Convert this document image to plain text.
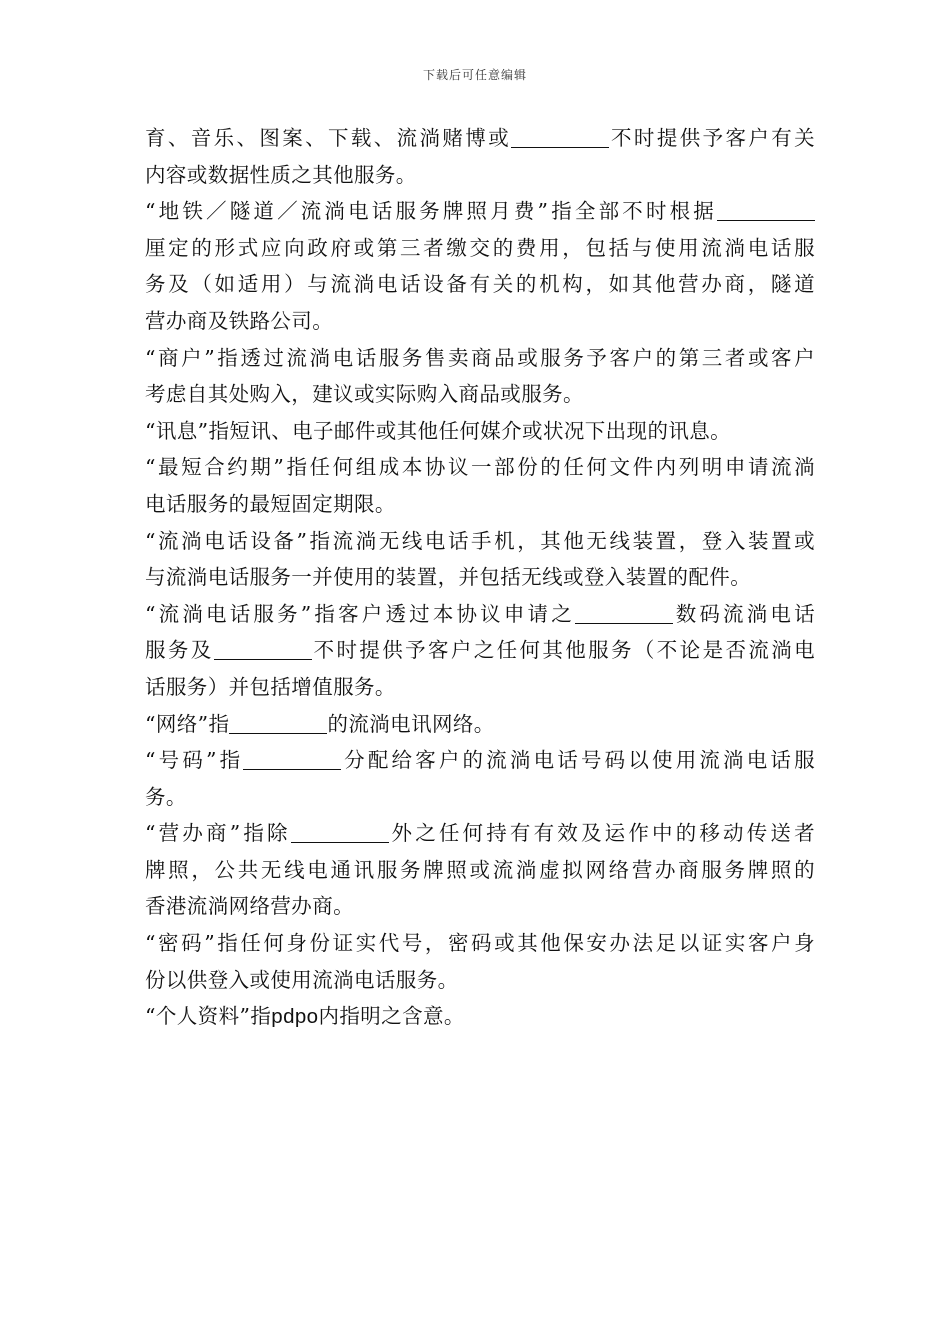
下载后可任意编辑
育、音乐、图案、下载、流淌赌博或	不时提供予客户有关
内容或数据性质之其他服务。
“地铁／隧道／流淌电话服务牌照月费”指全部不时根据
厘定的形式应向政府或第三者缴交的费用，包括与使用流淌电话服
务及（如适用）与流淌电话设备有关的机构，如其他营办商，隧道
营办商及铁路公司。
“商户”指透过流淌电话服务售卖商品或服务予客户的第三者或客户
考虑自其处购入，建议或实际购入商品或服务。
“讯息”指短讯、电子邮件或其他任何媒介或状况下出现的讯息。
“最短合约期”指任何组成本协议一部份的任何文件内列明申请流淌
电话服务的最短固定期限。
“流淌电话设备”指流淌无线电话手机，其他无线装置，登入装置或
与流淌电话服务一并使用的装置，并包括无线或登入装置的配件。
“流淌电话服务”指客户透过本协议申请之	数码流淌电话
服务及	不时提供予客户之任何其他服务（不论是否流淌电
话服务）并包括增值服务。
“网络”指	的流淌电讯网络。
“号码”指	分配给客户的流淌电话号码以使用流淌电话服
务。
“营办商”指除	外之任何持有有效及运作中的移动传送者
牌照，公共无线电通讯服务牌照或流淌虚拟网络营办商服务牌照的
香港流淌网络营办商。
“密码”指任何身份证实代号，密码或其他保安办法足以证实客户身
份以供登入或使用流淌电话服务。
“个人资料”指pdpo内指明之含意。
